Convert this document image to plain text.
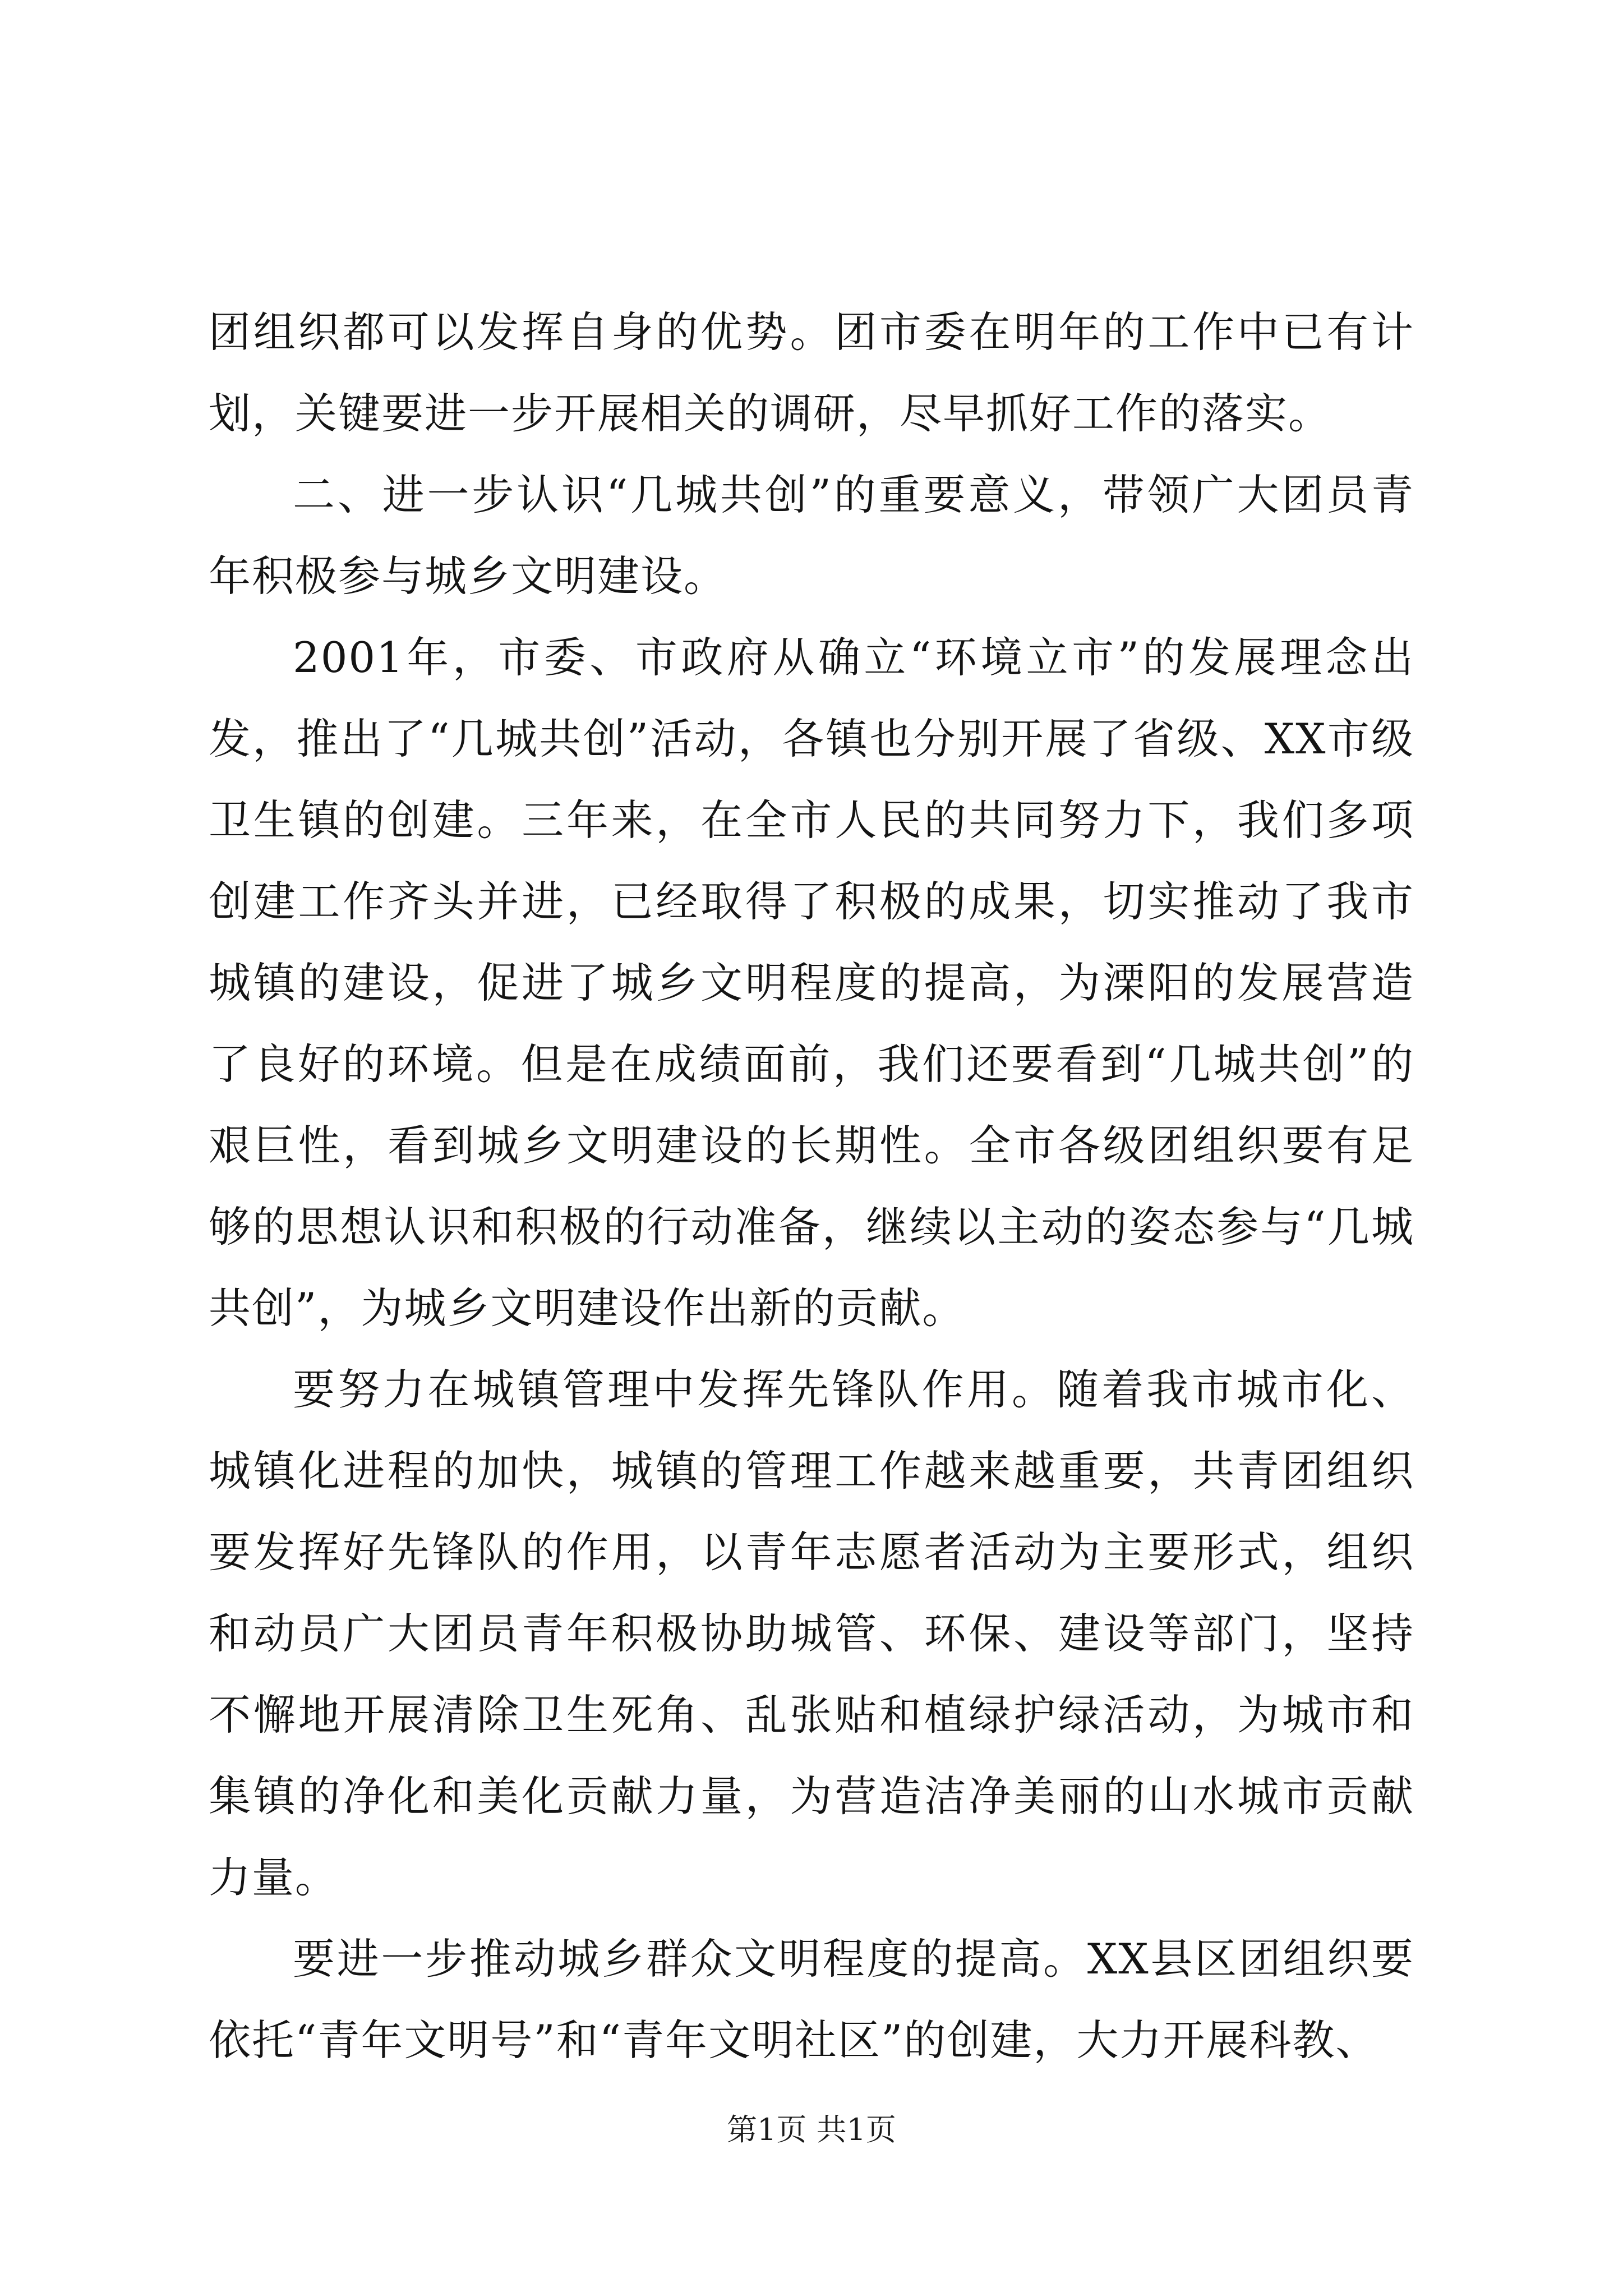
团组织都可以发挥自身的优势。团市委在明年的工作中已有计划，关键要进一步开展相关的调研，尽早抓好工作的落实。

二、进一步认识“几城共创”的重要意义，带领广大团员青年积极参与城乡文明建设。

2001年，市委、市政府从确立“环境立市”的发展理念出发，推出了“几城共创”活动，各镇也分别开展了省级、XX市级卫生镇的创建。三年来，在全市人民的共同努力下，我们多项创建工作齐头并进，已经取得了积极的成果，切实推动了我市城镇的建设，促进了城乡文明程度的提高，为溧阳的发展营造了良好的环境。但是在成绩面前，我们还要看到“几城共创”的艰巨性，看到城乡文明建设的长期性。全市各级团组织要有足够的思想认识和积极的行动准备，继续以主动的姿态参与“几城共创”，为城乡文明建设作出新的贡献。

要努力在城镇管理中发挥先锋队作用。随着我市城市化、城镇化进程的加快，城镇的管理工作越来越重要，共青团组织要发挥好先锋队的作用，以青年志愿者活动为主要形式，组织和动员广大团员青年积极协助城管、环保、建设等部门，坚持不懈地开展清除卫生死角、乱张贴和植绿护绿活动，为城市和集镇的净化和美化贡献力量，为营造洁净美丽的山水城市贡献力量。

要进一步推动城乡群众文明程度的提高。XX县区团组织要依托“青年文明号”和“青年文明社区”的创建，大力开展科教、

第1页 共1页
